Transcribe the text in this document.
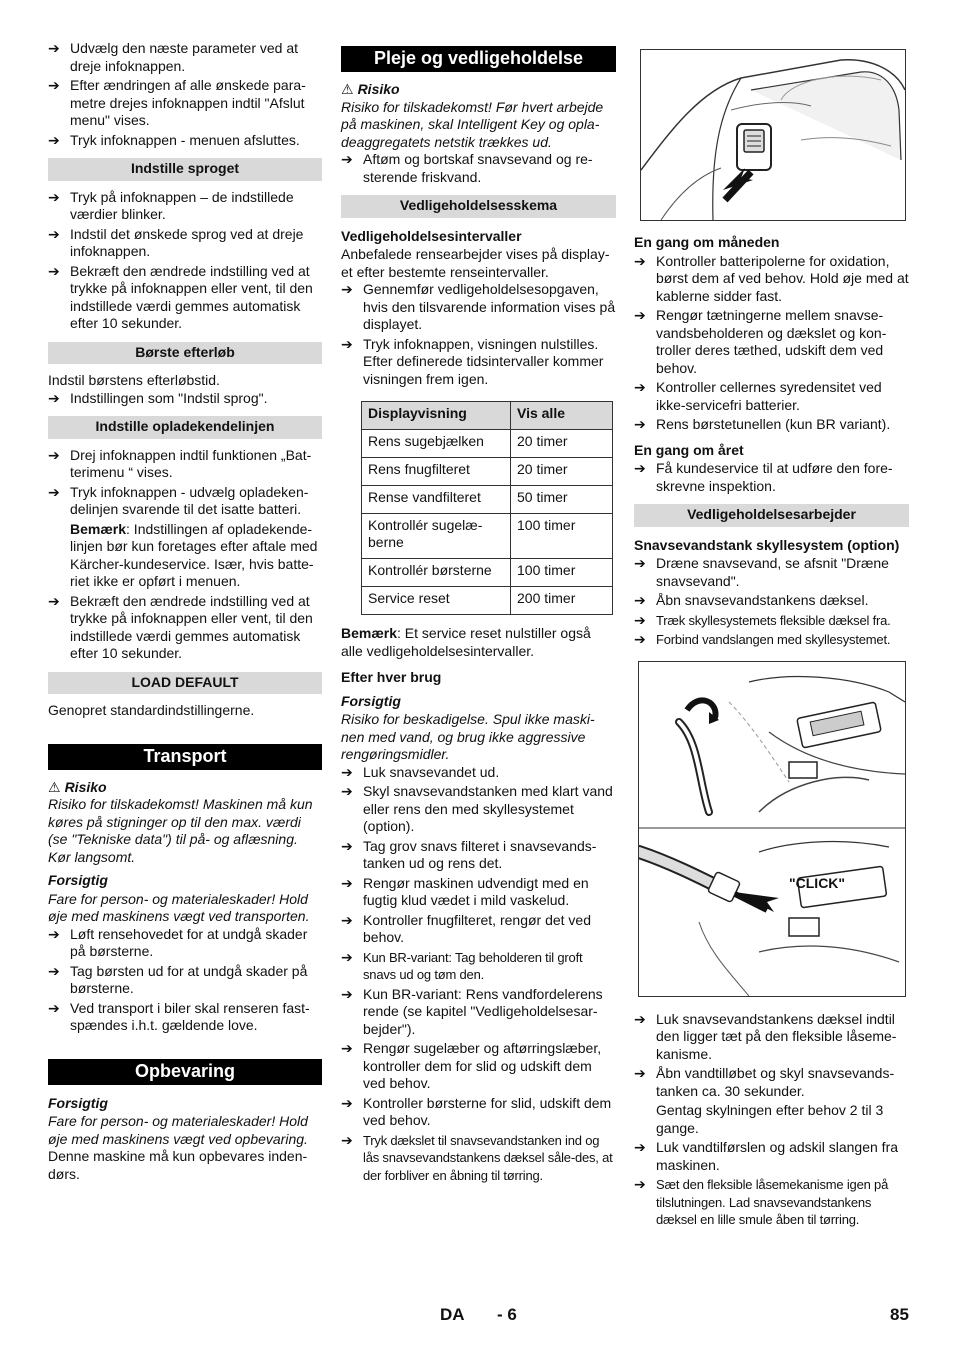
➔ Udvælg den næste parameter ved at dreje infoknappen.

➔ Efter ændringen af alle ønskede para-metre drejes infoknappen indtil "Afslut menu" vises.

➔ Tryk infoknappen - menuen afsluttes.

Indstille sproget

➔ Tryk på infoknappen – de indstillede værdier blinker.

➔ Indstil det ønskede sprog ved at dreje infoknappen.

➔ Bekræft den ændrede indstilling ved at trykke på infoknappen eller vent, til den indstillede værdi gemmes automatisk efter 10 sekunder.

Børste efterløb

Indstil børstens efterløbstid.

➔ Indstillingen som "Indstil sprog".

Indstille opladekendelinjen

➔ Drej infoknappen indtil funktionen „Bat-terimenu “ vises.

➔ Tryk infoknappen - udvælg opladeken-delinjen svarende til det isatte batteri.

Bemærk: Indstillingen af opladekende-linjen bør kun foretages efter aftale med Kärcher-kundeservice. Især, hvis batte-riet ikke er opført i menuen.

➔ Bekræft den ændrede indstilling ved at trykke på infoknappen eller vent, til den indstillede værdi gemmes automatisk efter 10 sekunder.

LOAD DEFAULT

Genopret standardindstillingerne.

Transport

⚠ Risiko

Risiko for tilskadekomst! Maskinen må kun køres på stigninger op til den max. værdi (se "Tekniske data") til på- og aflæsning. Kør langsomt.

Forsigtig

Fare for person- og materialeskader! Hold øje med maskinens vægt ved transporten.

➔ Løft rensehovedet for at undgå skader på børsterne.

➔ Tag børsten ud for at undgå skader på børsterne.

➔ Ved transport i biler skal renseren fast-spændes i.h.t. gældende love.

Opbevaring

Forsigtig

Fare for person- og materialeskader! Hold øje med maskinens vægt ved opbevaring.

Denne maskine må kun opbevares inden-dørs.

Pleje og vedligeholdelse

⚠ Risiko

Risiko for tilskadekomst! Før hvert arbejde på maskinen, skal Intelligent Key og opla-deaggregatets netstik trækkes ud.

➔ Aftøm og bortskaf snavsevand og re-sterende friskvand.

Vedligeholdelsesskema

Vedligeholdelsesintervaller

Anbefalede rensearbejder vises på display-et efter bestemte renseintervaller.

➔ Gennemfør vedligeholdelsesopgaven, hvis den tilsvarende information vises på displayet.

➔ Tryk infoknappen, visningen nulstilles. Efter definerede tidsintervaller kommer visningen frem igen.

Displayvisning	Vis alle
Rens sugebjælken	20 timer
Rens fnugfilteret	20 timer
Rense vandfilteret	50 timer
Kontrollér sugelæ-berne	100 timer
Kontrollér børsterne	100 timer
Service reset	200 timer

Bemærk: Et service reset nulstiller også alle vedligeholdelsesintervaller.

Efter hver brug

Forsigtig

Risiko for beskadigelse. Spul ikke maski-nen med vand, og brug ikke aggressive rengøringsmidler.

➔ Luk snavsevandet ud.

➔ Skyl snavsevandstanken med klart vand eller rens den med skyllesystemet (option).

➔ Tag grov snavs filteret i snavsevands-tanken ud og rens det.

➔ Rengør maskinen udvendigt med en fugtig klud vædet i mild vaskelud.

➔ Kontroller fnugfilteret, rengør det ved behov.

➔ Kun BR-variant: Tag beholderen til groft snavs ud og tøm den.

➔ Kun BR-variant: Rens vandfordelerens rende (se kapitel "Vedligeholdelsesar-bejder").

➔ Rengør sugelæber og aftørringslæber, kontroller dem for slid og udskift dem ved behov.

➔ Kontroller børsterne for slid, udskift dem ved behov.

➔ Tryk dækslet til snavsevandstanken ind og lås snavsevandstankens dæksel såle-des, at der forbliver en åbning til tørring.

En gang om måneden

➔ Kontroller batteripolerne for oxidation, børst dem af ved behov. Hold øje med at kablerne sidder fast.

➔ Rengør tætningerne mellem snavse-vandsbeholderen og dækslet og kon-troller deres tæthed, udskift dem ved behov.

➔ Kontroller cellernes syredensitet ved ikke-servicefri batterier.

➔ Rens børstetunellen (kun BR variant).

En gang om året

➔ Få kundeservice til at udføre den fore-skrevne inspektion.

Vedligeholdelsesarbejder

Snavsevandstank skyllesystem (option)

➔ Dræne snavsevand, se afsnit "Dræne snavsevand".

➔ Åbn snavsevandstankens dæksel.

➔ Træk skyllesystemets fleksible dæksel fra.

➔ Forbind vandslangen med skyllesystemet.

"CLICK"

➔ Luk snavsevandstankens dæksel indtil den ligger tæt på den fleksible låseme-kanisme.

➔ Åbn vandtilløbet og skyl snavsevands-tanken ca. 30 sekunder.

Gentag skylningen efter behov 2 til 3 gange.

➔ Luk vandtilførslen og adskil slangen fra maskinen.

➔ Sæt den fleksible låsemekanisme igen på tilslutningen. Lad snavsevandstankens dæksel en lille smule åben til tørring.

DA - 6	85
